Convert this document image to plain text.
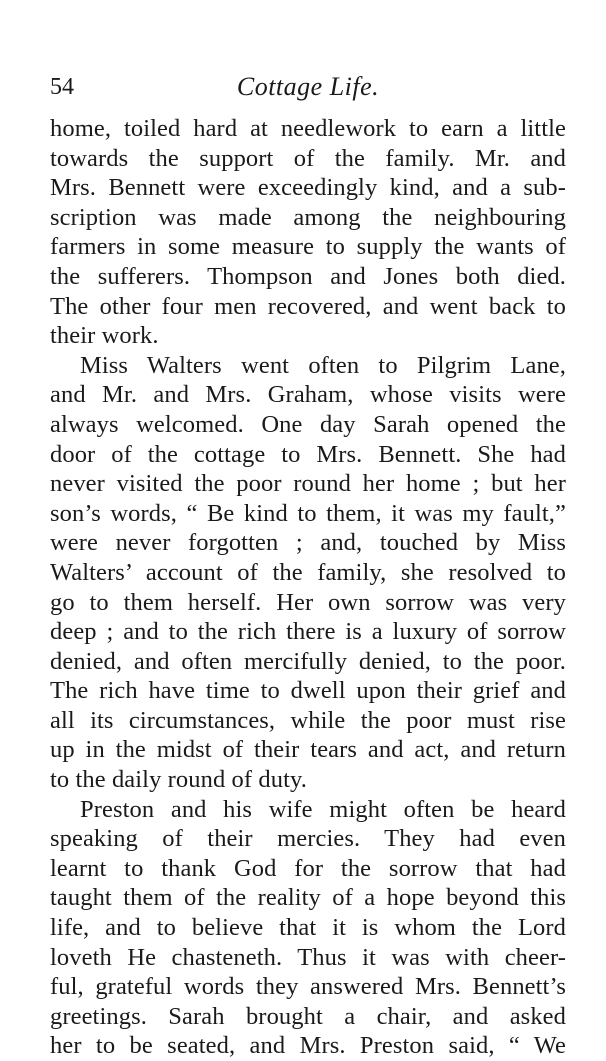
54	Cottage Life.
home, toiled hard at needlework to earn a little
towards the support of the family. Mr. and
Mrs. Bennett were exceedingly kind, and a sub-
scription was made among the neighbouring
farmers in some measure to supply the wants of
the sufferers. Thompson and Jones both died.
The other four men recovered, and went back to
their work.
Miss Walters went often to Pilgrim Lane,
and Mr. and Mrs. Graham, whose visits were
always welcomed. One day Sarah opened the
door of the cottage to Mrs. Bennett. She had
never visited the poor round her home ; but her
son’s words, “ Be kind to them, it was my fault,”
were never forgotten ; and, touched by Miss
Walters’ account of the family, she resolved to
go to them herself. Her own sorrow was very
deep ; and to the rich there is a luxury of sorrow
denied, and often mercifully denied, to the poor.
The rich have time to dwell upon their grief and
all its circumstances, while the poor must rise
up in the midst of their tears and act, and return
to the daily round of duty.
Preston and his wife might often be heard
speaking of their mercies. They had even
learnt to thank God for the sorrow that had
taught them of the reality of a hope beyond this
life, and to believe that it is whom the Lord
loveth He chasteneth. Thus it was with cheer-
ful, grateful words they answered Mrs. Bennett’s
greetings. Sarah brought a chair, and asked
her to be seated, and Mrs. Preston said, “ We
